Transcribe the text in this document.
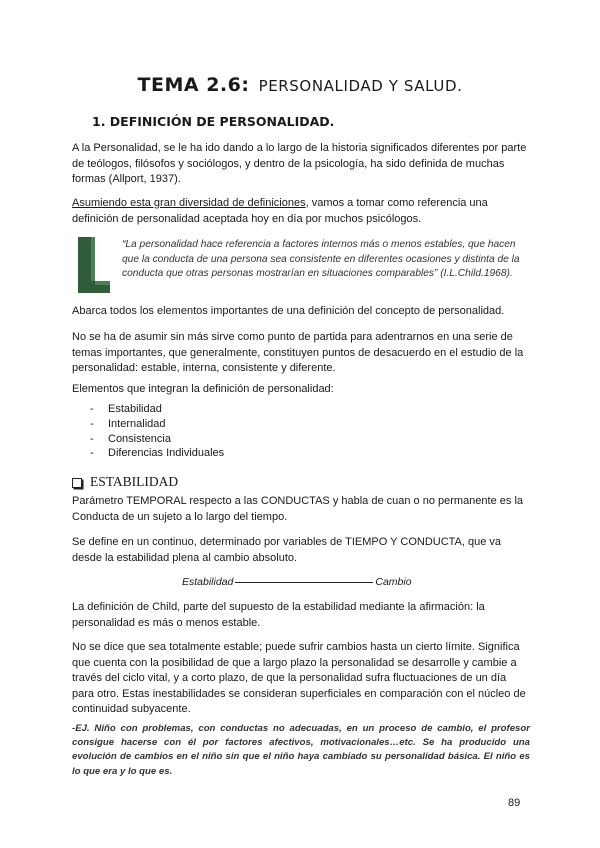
TEMA 2.6: PERSONALIDAD Y SALUD.
1. DEFINICIÓN DE PERSONALIDAD.

A la Personalidad, se le ha ido dando a lo largo de la historia significados diferentes por parte de teólogos, filósofos y sociólogos, y dentro de la psicología, ha sido definida de muchas formas (Allport, 1937).

Asumiendo esta gran diversidad de definiciones, vamos a tomar como referencia una definición de personalidad aceptada hoy en día por muchos psicólogos.

“La personalidad hace referencia a factores internos más o menos estables, que hacen que la conducta de una persona sea consistente en diferentes ocasiones y distinta de la conducta que otras personas mostrarían en situaciones comparables” (I.L.Child.1968).

Abarca todos los elementos importantes de una definición del concepto de personalidad.

No se ha de asumir sin más sirve como punto de partida para adentrarnos en una serie de temas importantes, que generalmente, constituyen puntos de desacuerdo en el estudio de la personalidad: estable, interna, consistente y diferente.

Elementos que integran la definición de personalidad:

-	Estabilidad
-	Internalidad
-	Consistencia
-	Diferencias Individuales
ESTABILIDAD

Parámetro TEMPORAL respecto a las CONDUCTAS y habla de cuan o no permanente es la Conducta de un sujeto a lo largo del tiempo.

Se define en un continuo, determinado por variables de TIEMPO Y CONDUCTA, que va desde la estabilidad plena al cambio absoluto.

Estabilidad	Cambio

La definición de Child, parte del supuesto de la estabilidad mediante la afirmación: la personalidad es más o menos estable.

No se dice que sea totalmente estable; puede sufrir cambios hasta un cierto límite. Significa que cuenta con la posibilidad de que a largo plazo la personalidad se desarrolle y cambie a través del ciclo vital, y a corto plazo, de que la personalidad sufra fluctuaciones de un día para otro. Estas inestabilidades se consideran superficiales en comparación con el núcleo de continuidad subyacente.

-EJ. Niño con problemas, con conductas no adecuadas, en un proceso de cambio, el profesor consigue hacerse con él por factores afectivos, motivacionales…etc. Se ha producido una evolución de cambios en el niño sin que el niño haya cambiado su personalidad básica. El niño es lo que era y lo que es.

89
